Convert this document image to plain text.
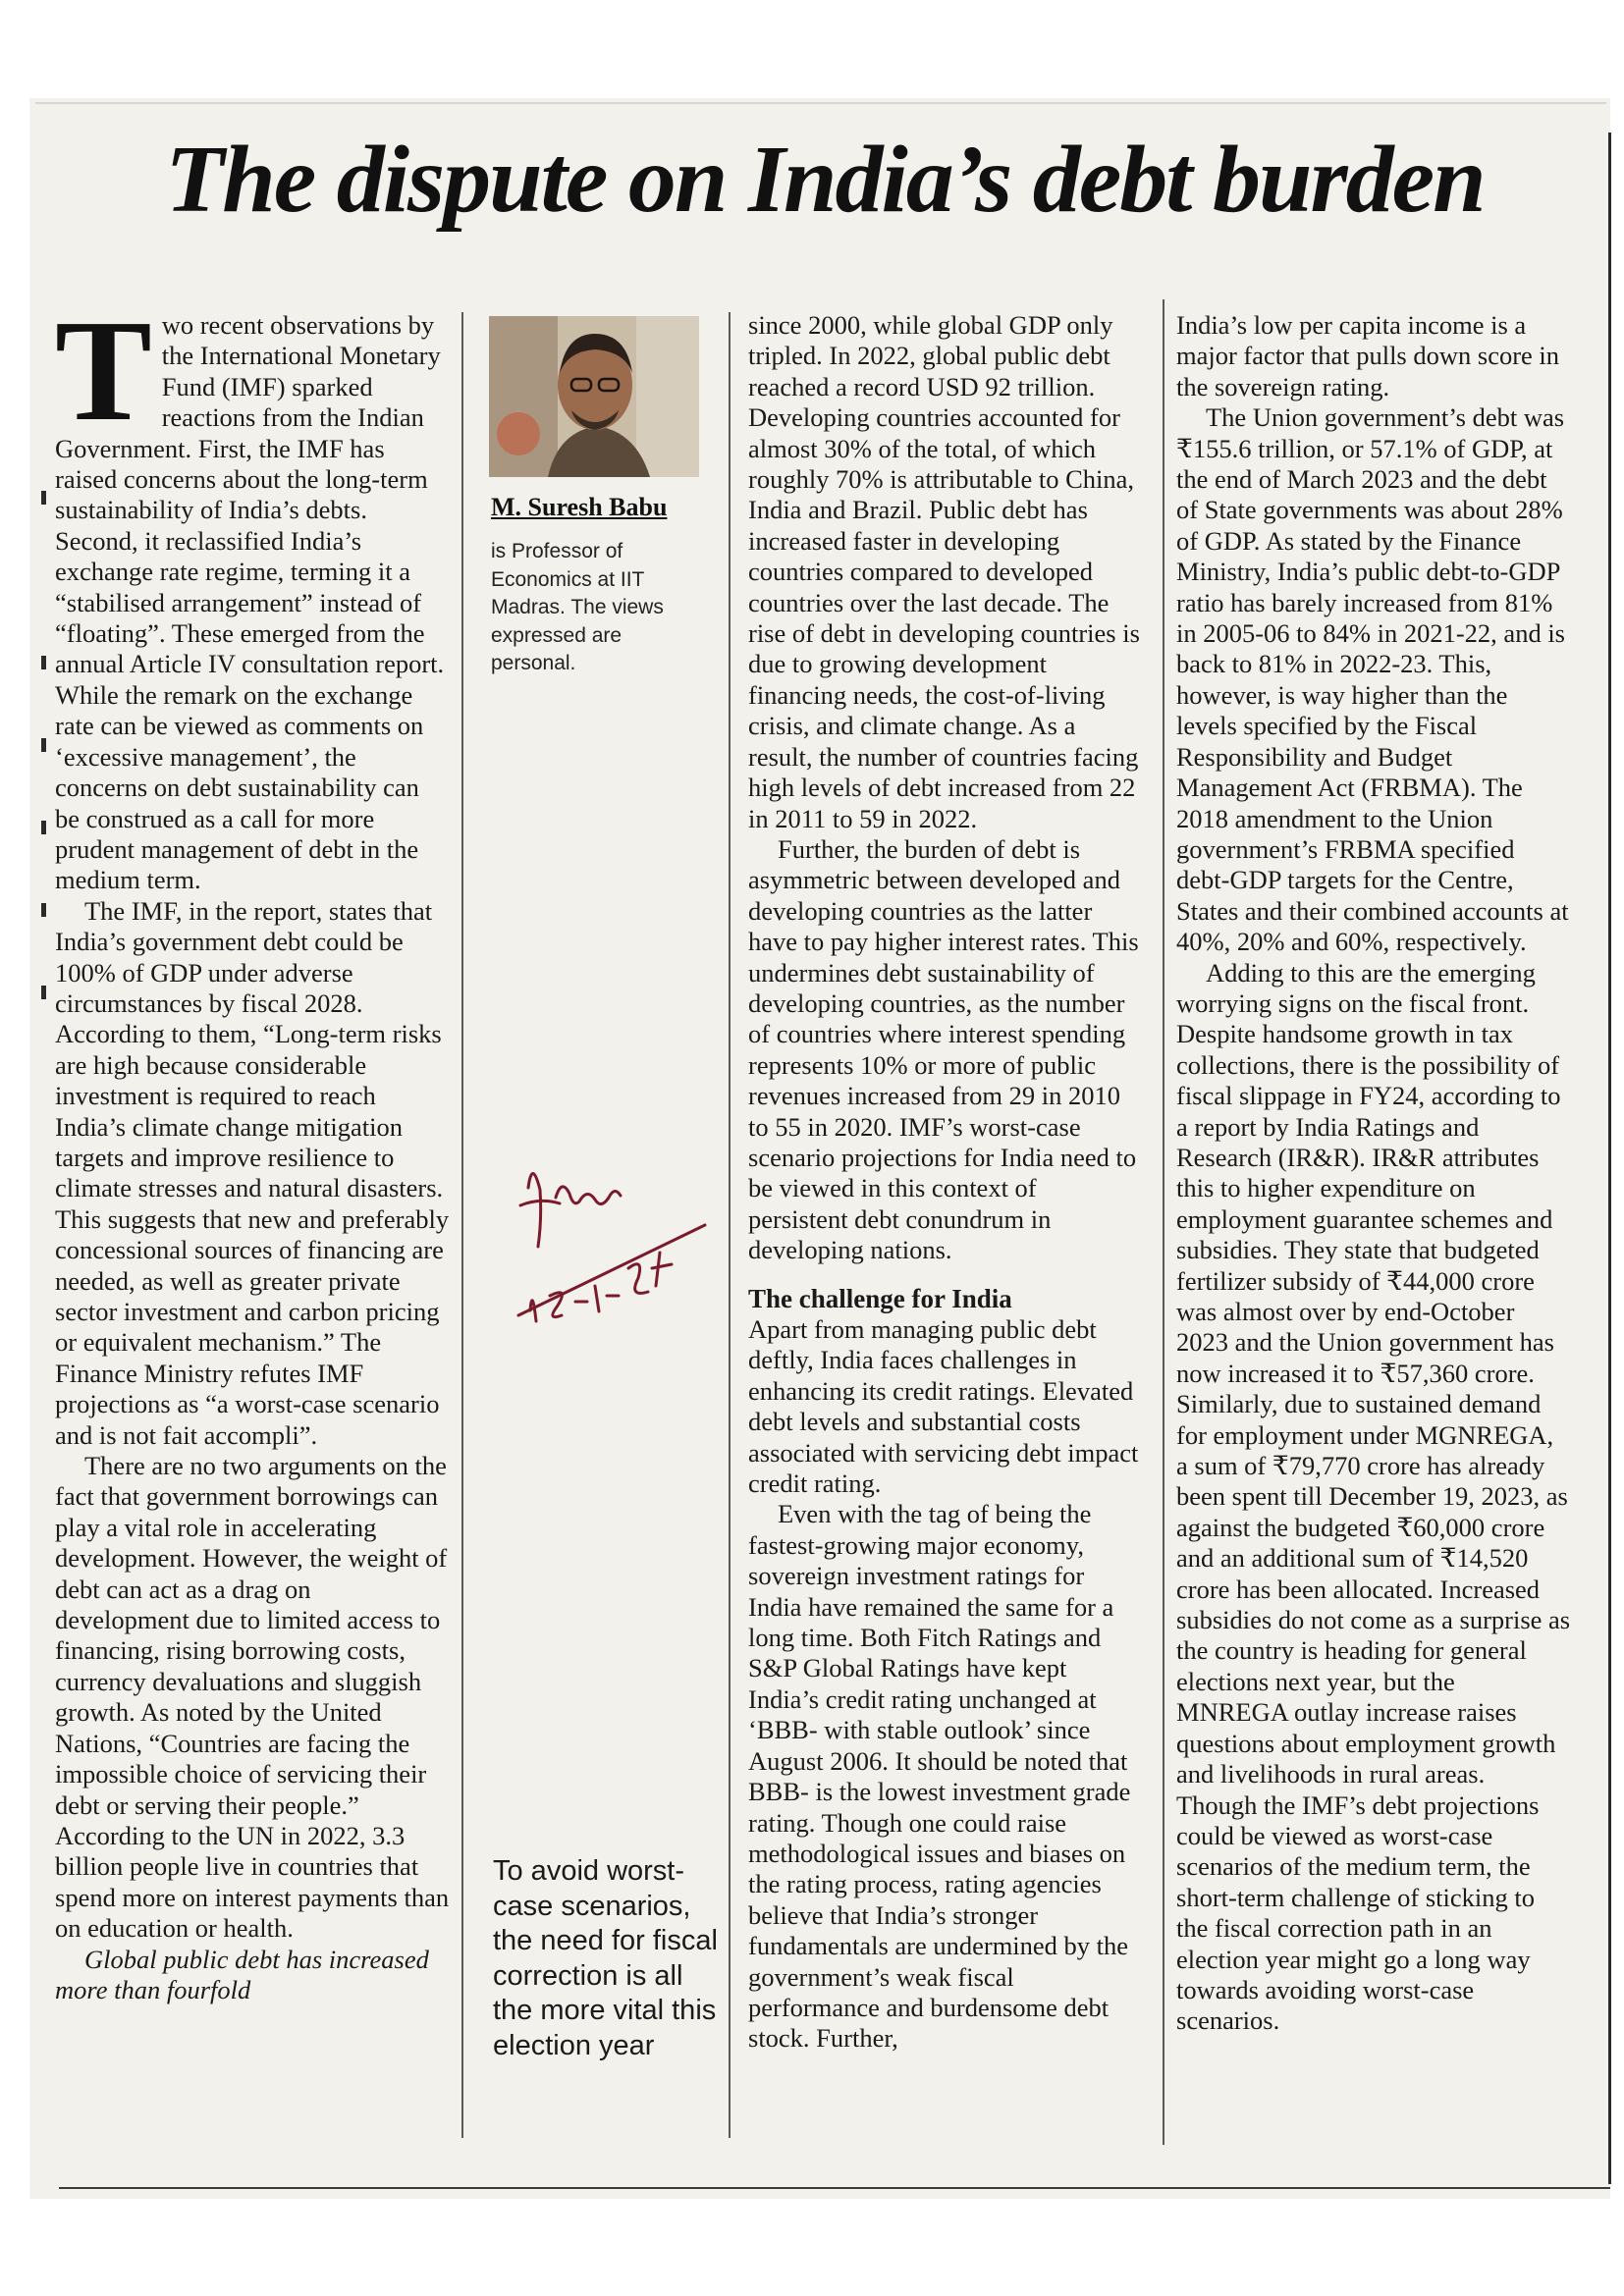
The dispute on India’s debt burden

Two recent observations by the International Monetary Fund (IMF) sparked reactions from the Indian Government. First, the IMF has raised concerns about the long-term sustainability of India’s debts. Second, it reclassified India’s exchange rate regime, terming it a “stabilised arrangement” instead of “floating”. These emerged from the annual Article IV consultation report. While the remark on the exchange rate can be viewed as comments on ‘excessive management’, the concerns on debt sustainability can be construed as a call for more prudent management of debt in the medium term.

The IMF, in the report, states that India’s government debt could be 100% of GDP under adverse circumstances by fiscal 2028. According to them, “Long-term risks are high because considerable investment is required to reach India’s climate change mitigation targets and improve resilience to climate stresses and natural disasters. This suggests that new and preferably concessional sources of financing are needed, as well as greater private sector investment and carbon pricing or equivalent mechanism.” The Finance Ministry refutes IMF projections as “a worst-case scenario and is not fait accompli”.

There are no two arguments on the fact that government borrowings can play a vital role in accelerating development. However, the weight of debt can act as a drag on development due to limited access to financing, rising borrowing costs, currency devaluations and sluggish growth. As noted by the United Nations, “Countries are facing the impossible choice of servicing their debt or serving their people.” According to the UN in 2022, 3.3 billion people live in countries that spend more on interest payments than on education or health.

Global public debt has increased more than fourfold

M. Suresh Babu
is Professor of Economics at IIT Madras. The views expressed are personal.
To avoid worst-case scenarios, the need for fiscal correction is all the more vital this election year

since 2000, while global GDP only tripled. In 2022, global public debt reached a record USD 92 trillion. Developing countries accounted for almost 30% of the total, of which roughly 70% is attributable to China, India and Brazil. Public debt has increased faster in developing countries compared to developed countries over the last decade. The rise of debt in developing countries is due to growing development financing needs, the cost-of-living crisis, and climate change. As a result, the number of countries facing high levels of debt increased from 22 in 2011 to 59 in 2022.

Further, the burden of debt is asymmetric between developed and developing countries as the latter have to pay higher interest rates. This undermines debt sustainability of developing countries, as the number of countries where interest spending represents 10% or more of public revenues increased from 29 in 2010 to 55 in 2020. IMF’s worst-case scenario projections for India need to be viewed in this context of persistent debt conundrum in developing nations.

The challenge for India

Apart from managing public debt deftly, India faces challenges in enhancing its credit ratings. Elevated debt levels and substantial costs associated with servicing debt impact credit rating.

Even with the tag of being the fastest-growing major economy, sovereign investment ratings for India have remained the same for a long time. Both Fitch Ratings and S&P Global Ratings have kept India’s credit rating unchanged at ‘BBB- with stable outlook’ since August 2006. It should be noted that BBB- is the lowest investment grade rating. Though one could raise methodological issues and biases on the rating process, rating agencies believe that India’s stronger fundamentals are undermined by the government’s weak fiscal performance and burdensome debt stock. Further,

India’s low per capita income is a major factor that pulls down score in the sovereign rating.

The Union government’s debt was ₹155.6 trillion, or 57.1% of GDP, at the end of March 2023 and the debt of State governments was about 28% of GDP. As stated by the Finance Ministry, India’s public debt-to-GDP ratio has barely increased from 81% in 2005-06 to 84% in 2021-22, and is back to 81% in 2022-23. This, however, is way higher than the levels specified by the Fiscal Responsibility and Budget Management Act (FRBMA). The 2018 amendment to the Union government’s FRBMA specified debt-GDP targets for the Centre, States and their combined accounts at 40%, 20% and 60%, respectively.

Adding to this are the emerging worrying signs on the fiscal front. Despite handsome growth in tax collections, there is the possibility of fiscal slippage in FY24, according to a report by India Ratings and Research (IR&R). IR&R attributes this to higher expenditure on employment guarantee schemes and subsidies. They state that budgeted fertilizer subsidy of ₹44,000 crore was almost over by end-October 2023 and the Union government has now increased it to ₹57,360 crore. Similarly, due to sustained demand for employment under MGNREGA, a sum of ₹79,770 crore has already been spent till December 19, 2023, as against the budgeted ₹60,000 crore and an additional sum of ₹14,520 crore has been allocated. Increased subsidies do not come as a surprise as the country is heading for general elections next year, but the MNREGA outlay increase raises questions about employment growth and livelihoods in rural areas. Though the IMF’s debt projections could be viewed as worst-case scenarios of the medium term, the short-term challenge of sticking to the fiscal correction path in an election year might go a long way towards avoiding worst-case scenarios.
